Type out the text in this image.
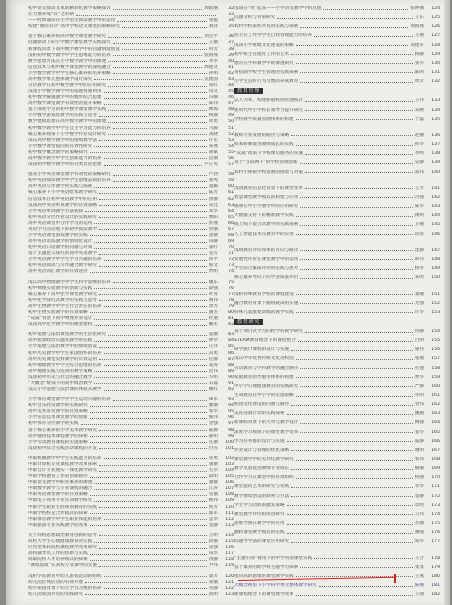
初中语文阅读文本的精彩化教学策略探讨	周群丽	32
让习惯养成“有”之科研	33
——经典诵读在小学语文阅读教学中的运用	张媛	34
构建“教而有序”高中学校语文课堂的策略研究	刘萍	35
基于核心素养的高中数学课堂教学研究	刘会平	36
问题驱动下的小学数学课堂教学实践探究	王丽	37
新课程背景下高中数学教学中的问题情境创设	何芳	38
浅析初中数学教学中学生思维能力的培养	张海燕	39
数学思想方法在小学数学教学中的渗透	李华	40
信息技术与初中数学课堂教学的深度融合	周德文	41
小学数学教学中学生核心素养的培养策略	孙明	42
高中数学单元整体教学设计探究	吴建国	43
分层教学在初中数学教学中的应用研究	郑红	44
浅谈小学数学教学中的错题资源利用	钱文	45
初中数学解题教学中的数形结合思想	冯丽	46
高中数学课堂教学有效性的提升策略	陈伟	47
基于深度学习的初中数学课堂教学实践	林海	48
小学数学游戏化教学的实践与思考	杨静	49
数学建模思想在高中数学教学中的渗透	黄勇	50
初中数学教学中学生自主学习能力的培养	马骏	51
核心素养视角下小学数学作业设计研究	高晓	52
浅议高中数学教学中的情境教学法	许军	53
小学数学课堂提问的有效性研究	朱燕	54
初中数学概念教学的策略探究	胡斌	55
高中数学教学中学生创新能力的培养	范丽	56
浅谈初中数学教学中的分类讨论思想	卢正英	57
提高小学英语课堂教学有效性的策略研究	卢西	58
初中英语阅读教学中学生思维品质的培养	梁秀	59
高中英语写作教学的实践与探索	童颖	60
核心素养下小学英语绘本教学研究	陆芳	61
信息技术在初中英语教学中的应用	唐丽	62
浅谈高中英语听说教学的有效策略	宋佳	63
小学英语单词教学方法初探	邓华	64
初中英语分层作业设计的实践研究	曹阳	65
高中英语课堂中合作学习的运用	彭燕	66
英语学习活动观下的初中阅读教学	曾丽	67
小学英语课堂游戏教学的实践	萧敏	68
高中英语语法教学的情境化设计	田静	69
初中英语口语教学的问题与对策	董红	70
基于主题意义探究的高中英语教学	袁芳	71
小学英语教学中学生学习兴趣的培养	蒋平	72
初中英语阅读与写作融合教学研究	蔡文	73
高中英语词汇教学的有效途径	贾明	74
浅议高中物理教学中学生科学思维的培养	魏东	75
初中物理实验教学的创新与实践	薛强	76
核心素养下高中化学课堂教学研究	叶青	77
初中化学探究式教学的实践与思考	阎伟	78
高中生物教学中学生社会责任的培养	余芳	79
初中生物实验教学的有效策略	潘杰	80
“双减”背景下初中物理作业设计	杜丽	81
浅谈高中化学教学中的模型建构	戴军	82
初中道德与法治课堂教学的生活化研究	夏丽	83
高中思想政治议题式教学的实践	钟华	84
小学道德与法治教学中的情境创设	汪洋	85
初中历史教学中学生家国情怀的培养	田勇	86
高中历史课堂史料教学的有效运用	任静	87
初中地理教学中学生综合思维的培养	姜涛	88
高中地理实践力培养的教学策略	范伟	89
浅谈初中历史与社会的融合教学	方明	90
“大概念”统领下的高中政治教学	石磊	91
浅议小学道德与法治课的体验式教学	姚红	92
小学体育课堂教学中学生运动兴趣的培养	谭军	93
初中音乐欣赏教学的实践研究	廖丽	94
高中美术鉴赏教学的有效策略	邹华	95
小学信息技术课堂教学的创新	熊伟	96
初中体育分层教学的实践	金强	97
基于核心素养的小学美术教学研究	陆静	98
高中通用技术课程教学的探索	郝明	99
小学劳动教育课程的实施策略	孔丽	100
浅谈初中综合实践活动课程的开发	白雪	101
中职机械教学中学生实践能力的培养	崔勇	102
中职计算机专业课程教学改革探索	康丽	103
中职会计专业理实一体化教学研究	毛华	104
中职学校德育工作的创新路径	邱明	105
中职语文教学中职业素养的渗透	秦静	106
中职数学教学与专业课程的融合	江涛	107
中职英语课堂教学的有效策略	史丽	108
中职电子商务专业实训教学研究	顾伟	109
中职学生职业生涯规划教育的实践	侯芳	110
中职学校校企合作模式的探索	邵军	111
中职体育教学中学生职业体能的培养	孟华	112
中职旅游专业实践教学的改革	龙静	113
关于高校思想政治教育创新的思考	万明	114
高校大学生心理健康教育的实践	段丽	115
应用型本科院校课程教学改革研究	雷强	116
高校辅导员工作的创新与实践	钱华	117
高职院校人才培养模式的探索	汤静	118
“课程思政”在高校专业课中的实施	尹伟	119
浅析学前教育中幼儿游戏活动的组织	黎芳	120
幼儿园区域活动的有效开展	易丽	121
幼小衔接背景下幼儿学习习惯的培养	常静	122
幼儿园家园共育的实践研究	武明	123
浅谈在“用”起来——小学语文教学中的点拨	张钟丽	124
问题分析与对策研究	王东	125
农村学校家校共育的实践与探索	刘海燕	126
班主任工作中学生自我管理能力的培养	王丽	127
浅谈小学班级文化建设的策略	刘建军	128
初中班主任德育工作的艺术	杨静	129
德育在学科教学中的渗透研究	张华	130
寄宿制学校学生管理的实践探索	陈明	131
小学生良好行为习惯的养成教育	周芳	132
教育管理
以人为本，构建和谐校园管理模式	王伟	133
新时代中小学校长领导力提升研究	宋刚	134
学校教学质量管理体系的构建	于磊	135
教师专业发展的路径与策略	赵丽	136
校本研修促进教师成长的实践	孙华	137
“双减”政策下学校课后服务的实施	李明	138
基于“互联网+”的学校管理创新	吴静	139
农村小规模学校发展的困境与对策	郑伟	140
浅谈教育信息化背景下的课堂变革	王芳	141
智慧课堂教学模式的构建与应用	冯强	142
微课在中小学教学中的应用研究	陈华	143
大数据支持下的精准教学实践	褚明	144
线上线下混合式教学的实践探索	卫丽	145
人工智能技术在教育中的应用	蒋涛	146
浅谈教育评价改革的方向与路径	沈静	147
发展性评价在课堂教学中的运用	韩伟	148
学生综合素质评价的实践与思考	杨华	149
核心素养导向下的学业质量评价	朱明	150
浅析特殊教育学校的课程建设	秦丽	151
融合教育背景下随班就读的实施	尤强	152
特殊儿童康复训练的教学实践	许华	153
教育研究
基于项目式学习的跨学科教学研究	何静	154
STEAM教育理念下的课程整合	吕明	155
研学旅行课程的设计与实施	施伟	156
浅议中华优秀传统文化进校园	张丽	157
劳动教育与学科教学的融合路径	孔强	158
家庭教育指导服务体系的构建	曹华	159
中小学心理健康教育的实践研究	严静	160
生命教育在中小学的实施策略	华明	161
校园文化建设的内涵与路径	金伟	162
美育浸润行动的实践探索	魏丽	163
新课标背景下的大单元教学设计	陶强	164
深度学习视域下的课堂教学变革	姜华	165
学习任务群的设计与实施	戚静	166
作业设计与管理的优化策略	谢明	167
课堂教学中的差异化教学研究	邹伟	168
教学反思促进教师专业成长	喻丽	169
合作学习在课堂中的有效组织	柏强	170
课堂提问艺术的研究与实践	水华	171
教学情境创设的原则与方法	窦静	172
学生学习动机的激发策略	章明	173
课堂教学评价的改进研究	云伟	174
思维导图在教学中的应用	苏丽	175
翻转课堂教学模式的实践	潘强	176
问题导学法的课堂应用研究	葛华	177
“主题引领”视角下的中学英语课堂实践	王合	178
基于素养的跨学科主题学习探索	张显	179
指向高阶思维的课堂教学实践	王燕	180
大概念视角下小学科学单元整体教学研究	陈丽	181
新课程理念下的课堂教学改革	王强	182
